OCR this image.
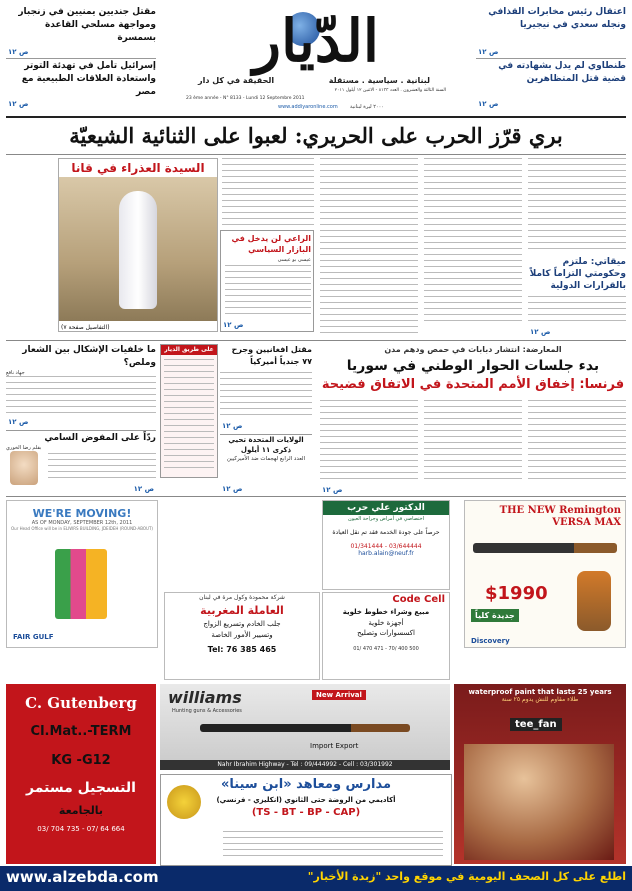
اعتقال رئيس مخابرات القذافي ونجله سعدي في نيجيريا
ص ١٢
طنطاوي لم يدل بشهادته في قضية قتل المتظاهرين
ص ١٢
الدّيار
لبنانية . سياسية . مستقلة
الحقيقة في كل دار
السنة الثالثة والعشرون . العدد ٨١٣٣ - الاثنين ١٢ أيلول ٢٠١١
23 ème année - N° 8133 - Lundi 12 Septembre 2011
www.addiyaronline.com ٢٠٠٠ ليرة لبنانية
مقتل جنديين يمنيين في زنجبار ومواجهة مسلحي القاعدة بسمسرة
ص ١٢
إسرائيل تأمل في تهدئة التوتر واستعادة العلاقات الطبيعية مع مصر
ص ١٢
بري قرّز الحرب على الحريري: لعبوا على الثنائية الشيعيّة
ميقاتي: ملتزم وحكومتي التزاماً كاملاً بالقرارات الدولية
ص ١٢
السيدة العذراء في قانا
(التفاصيل صفحة ٧)
الراعي لن يدخل في البازار السياسي
عيسى بو عيسى
ص ١٢
ما خلفيات الإشكال بين الشعار وملص؟
جهاد نافع
ص ١٢
ردّاً على المفوض السامي
بقلم رضا الخوري
ص ١٢
على طريق الديار	مقتل افغانيين وجرح ٧٧ جندياً أميركياً
ص ١٢
الولايات المتحدة تحيي ذكرى ١١ أيلول
العدد الرابع لهجمات ضد الأميركيين
ص ١٢
المعارضة: انتشار دبابات في حمص ودهم مدن
بدء جلسات الحوار الوطني في سوريا
فرنسا: إخفاق الأمم المتحدة في الاتفاق فضيحة
ص ١٢
WE'RE MOVING!
AS OF MONDAY, SEPTEMBER 12th, 2011
Our Head Office will be in ELIWRS BUILDING, JDEIDEH (ROUND-ABOUT)
FAIR GULF
الدكتور علي حرب
اختصاصي في أمراض وجراحة العيون
حرصاً على جودة الخدمة فقد تم نقل العيادة
01/341444 - 03/644444
harb.alain@neuf.fr
THE NEW Remington VERSA MAX
$1990
جديدة كلياً
Discovery
شركة محمودة وكول مرة في لبنان
العاملة المغربية
جلب الخادم وتسريع الزواج
وتسيير الأمور الخاصة
Tel: 76 385 465
Code Cell
مبيع وشراء خطوط خلوية
أجهزة خلوية
اكسسوارات وتصليح
01/ 470 471 - 70/ 400 500
C. Gutenberg
Cl.Mat..-TERM
KG -G12
التسجيل مستمر
بالجامعة
03/ 704 735 - 07/ 64 664
williams
Hunting guns & Accessories
New Arrival
Import Export
Nahr Ibrahim Highway - Tel : 09/444992 - Cell : 03/301992
waterproof paint that lasts 25 years
طلاء مقاوم للنش يدوم ٢٥ سنة
tee_fan
مدارس ومعاهد «ابن سينا»
أكاديمي من الروضة حتى الثانوي (انكليزي - فرنسي)
(TS - BT - BP - CAP)
www.alzebda.com	اطلع على كل الصحف اليومية في موقع واحد "زبدة الأخبار"
